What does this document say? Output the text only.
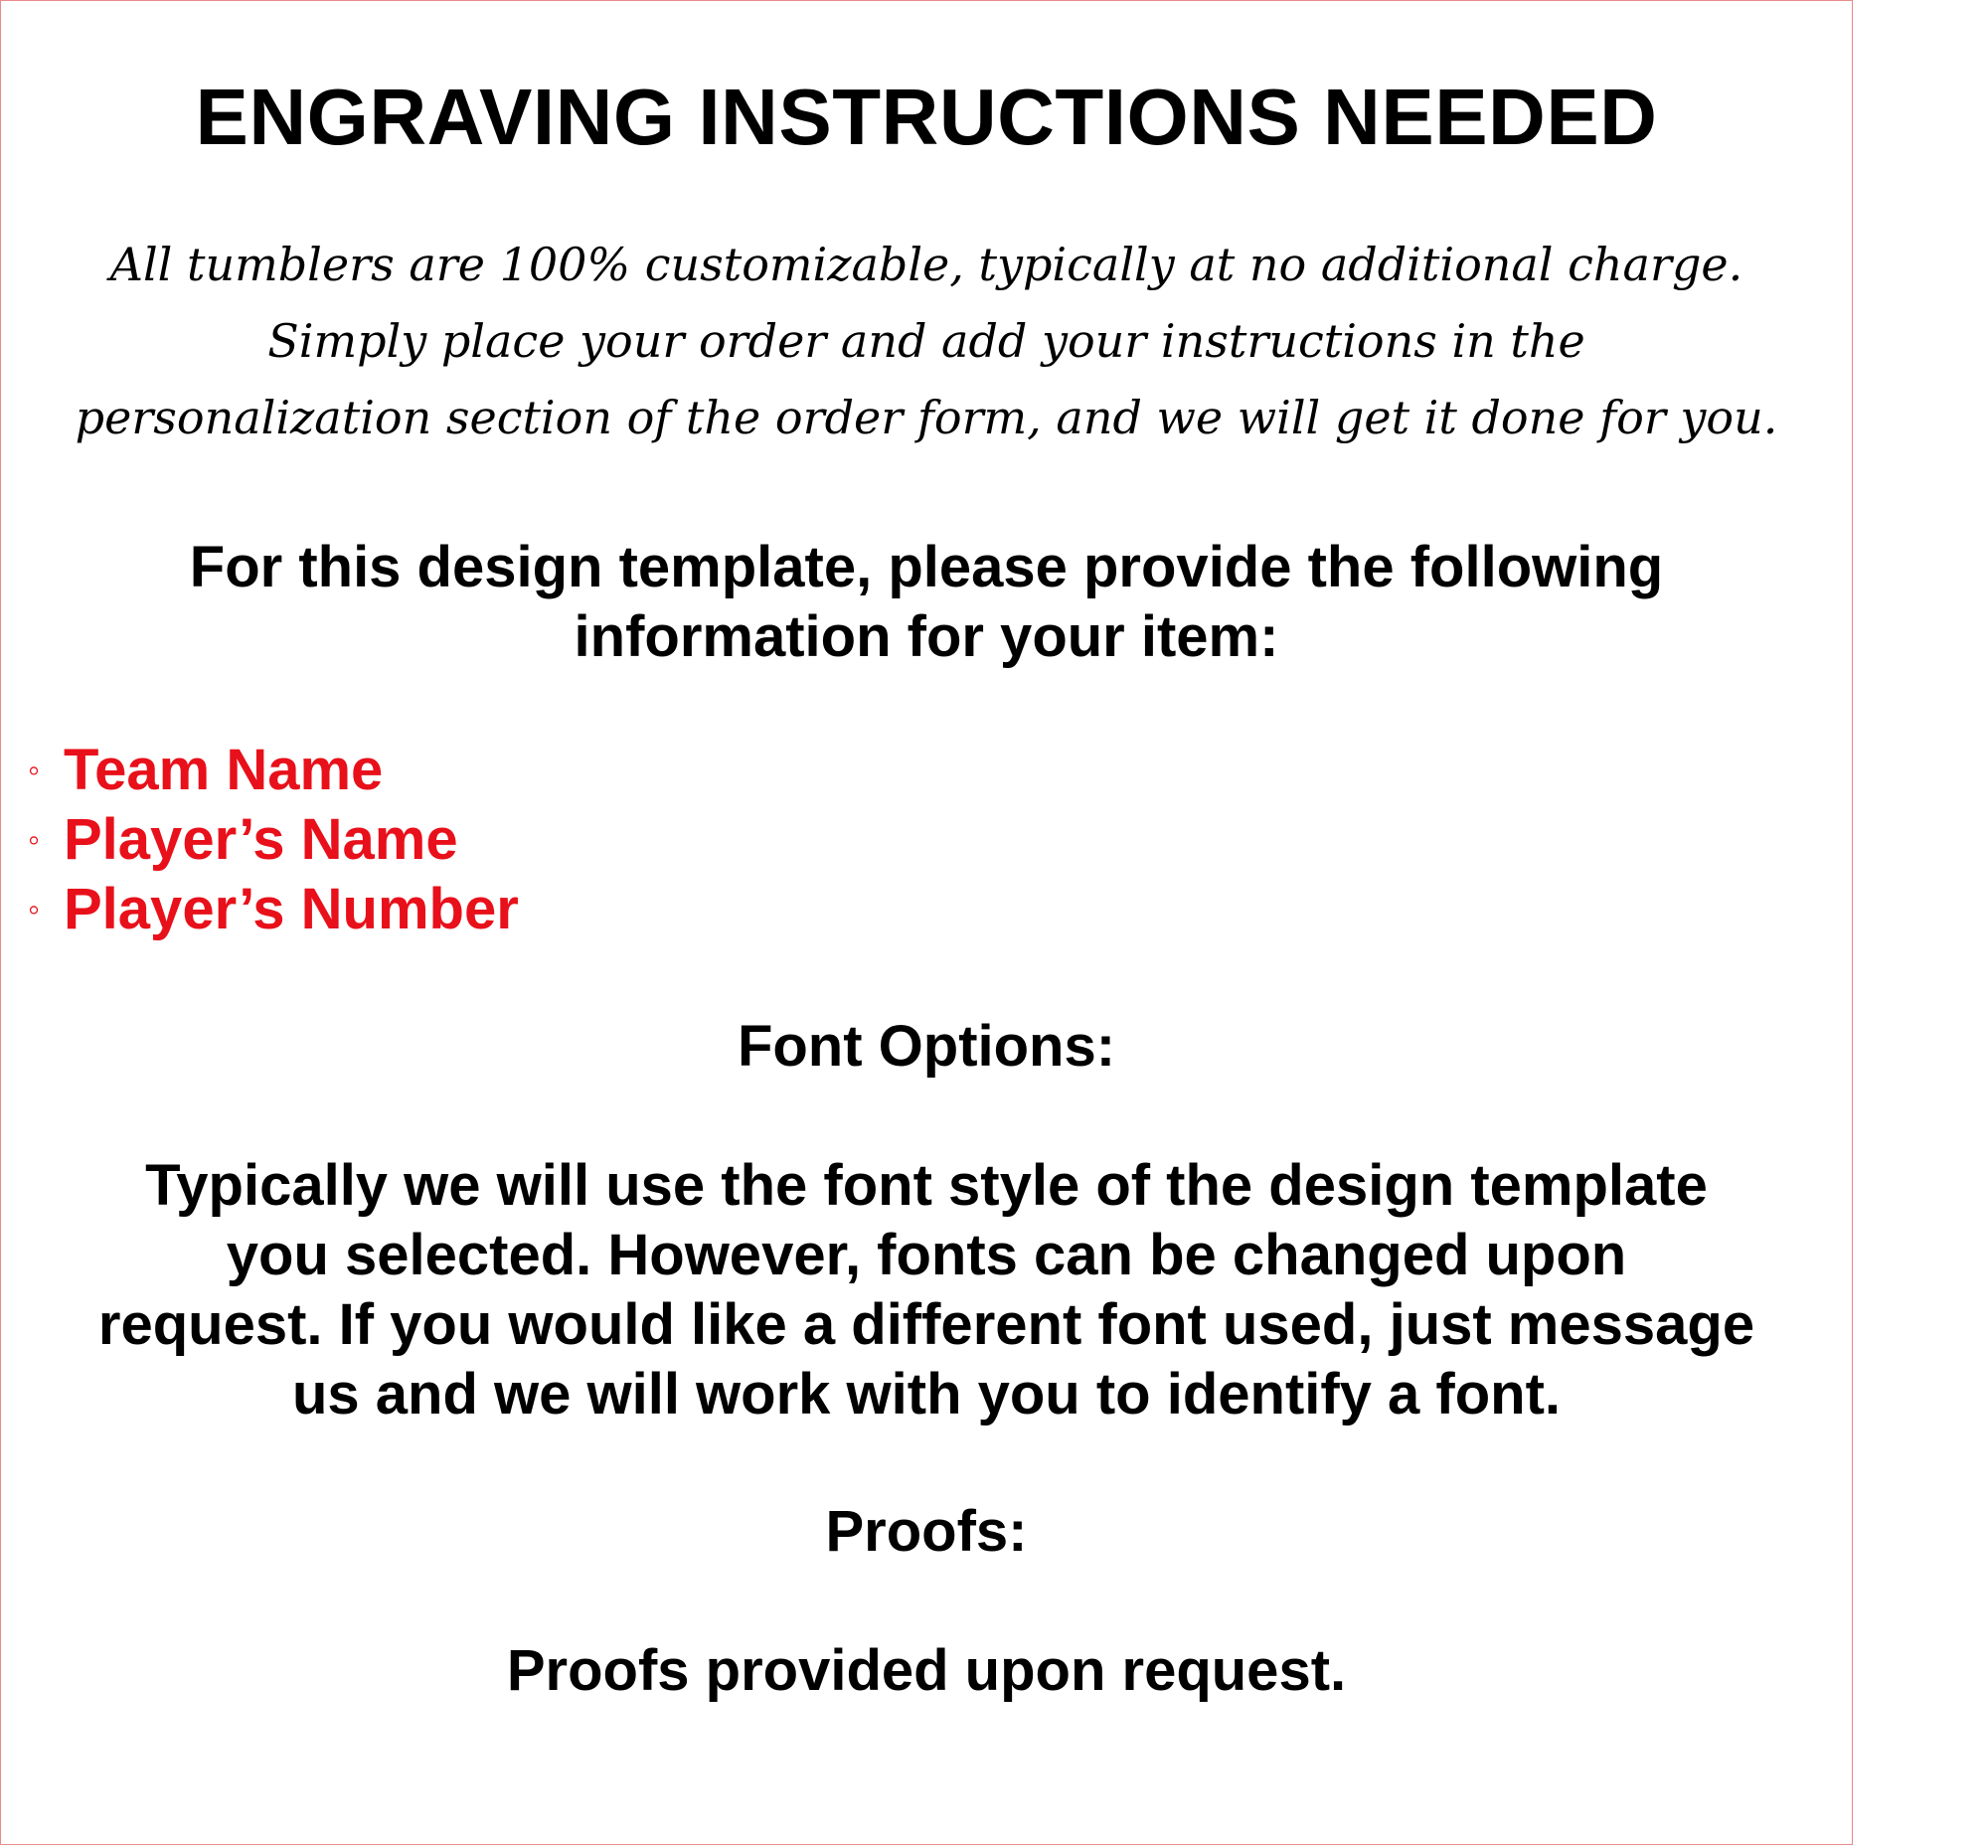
ENGRAVING INSTRUCTIONS NEEDED

All tumblers are 100% customizable, typically at no additional charge.
Simply place your order and add your instructions in the
personalization section of the order form, and we will get it done for you.

For this design template, please provide the following
information for your item:

◦ Team Name
◦ Player’s Name
◦ Player’s Number
Font Options:

Typically we will use the font style of the design template
you selected. However, fonts can be changed upon
request. If you would like a different font used, just message
us and we will work with you to identify a font.

Proofs:

Proofs provided upon request.
